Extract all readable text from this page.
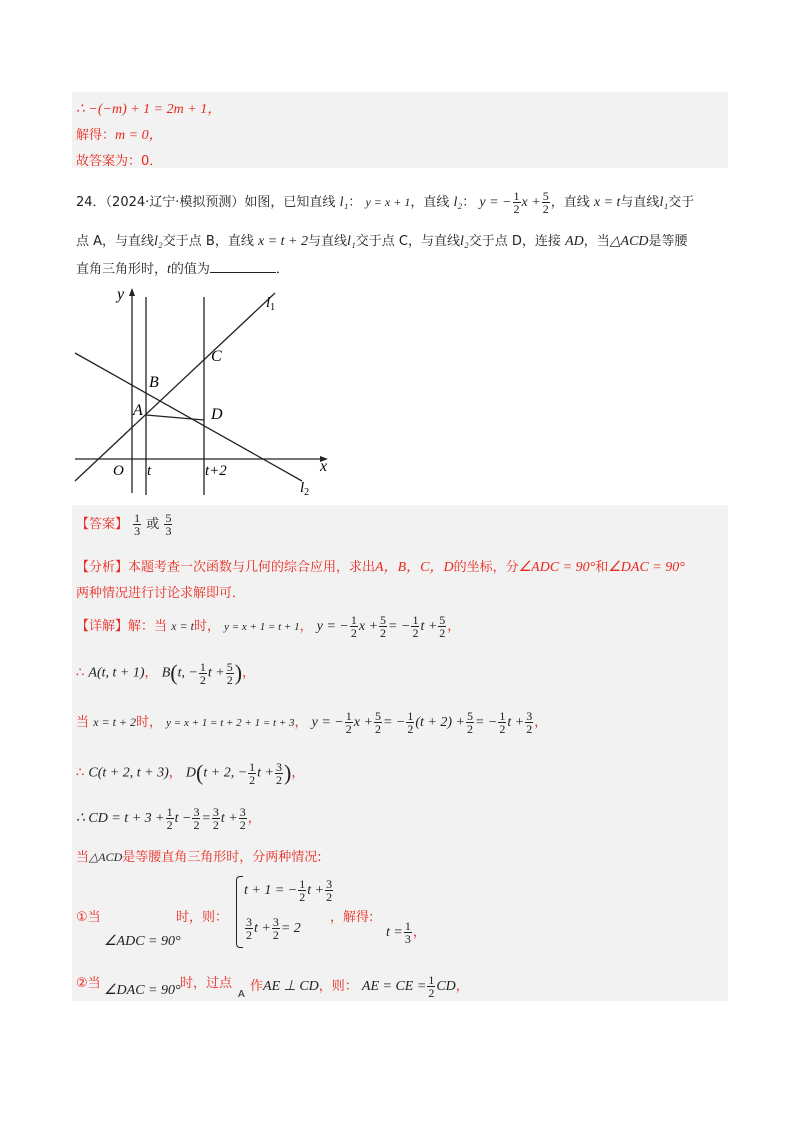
∴ −(−m) + 1 = 2m + 1，
解得：m = 0，
故答案为：0．
24．（2024·辽宁·模拟预测）如图，已知直线 l₁： y = x + 1，直线 l₂： y = − $\frac{1}{2}$ $x + \frac{5}{2}$ ，直线 x = t与直线l₁交于
点 A，与直线l₂交于点 B，直线 x = t + 2与直线l₁交于点 C，与直线l₂交于点 D，连接 AD，当△ACD是等腰
直角三角形时，t的值为	．
y
x
O t	t+2
$l_1$
$l_2$
A
B
C
D
【答案】 $\frac{1}{3}$ 或 $\frac{5}{3}$
【分析】本题考查一次函数与几何的综合应用，求出A，B，C，D的坐标，分∠ADC = 90°和∠DAC = 90°
两种情况进行讨论求解即可．
【详解】解：当 x = t时， y = x + 1 = t + 1， y = − $\frac{1}{2}$ $x + \frac{5}{2}$ = − $\frac{1}{2}$ $t + \frac{5}{2}$ ，
∴ A(t, t + 1)， B(t, − $\frac{1}{2}$ $t + \frac{5}{2}$ )，
当 x = t + 2时， y = x + 1 = t + 2 + 1 = t + 3， y = − $\frac{1}{2}$ $x + \frac{5}{2}$ = − $\frac{1}{2} (t + 2) + \frac{5}{2}$ = − $\frac{1}{2}$ $t + \frac{3}{2}$ ，
∴ C(t + 2, t + 3)， D(t + 2, − $\frac{1}{2}$ $t + \frac{3}{2}$ )，
∴ CD = $t + 3 + \frac{1}{2}$ $t - \frac{3}{2} = \frac{3}{2}$ $t + \frac{3}{2}$ ，
当△ACD是等腰直角三角形时，分两种情况:
①当
∠ADC = 90°
时，则：
t + 1 = − $\frac{1}{2}$ $t + \frac{3}{2}$
$\frac{3}{2}$ $t + \frac{3}{2} = 2$
，解得:
$t = \frac{1}{3}$ ，
②当 ∠DAC = 90° 时，过点
A
作AE ⊥ CD，则： AE = CE = $\frac{1}{2}$ CD，
